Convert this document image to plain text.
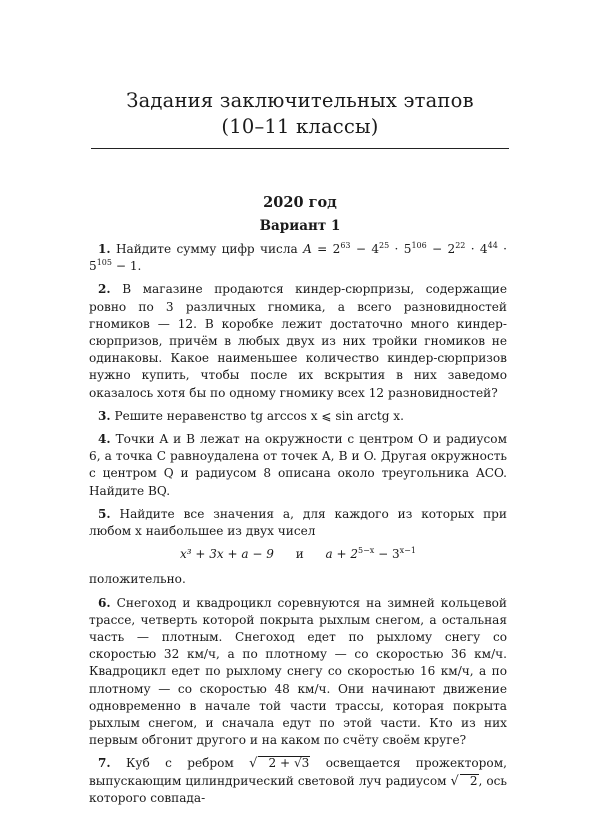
Задания заключительных этапов
(10–11 классы)
2020 год
Вариант 1

1. Найдите сумму цифр числа $A = 2^{63} - 4^{25} \cdot 5^{106} - 2^{22} \cdot 4^{44} \cdot 5^{105} - 1$.

2. В магазине продаются киндер-сюрпризы, содержащие ровно по 3 различных гномика, а всего разновидностей гномиков — 12. В коробке лежит достаточно много киндер-сюрпризов, причём в любых двух из них тройки гномиков не одинаковы. Какое наименьшее количество киндер-сюрпризов нужно купить, чтобы после их вскрытия в них заведомо оказалось хотя бы по одному гномику всех 12 разновидностей?

3. Решите неравенство tg arccos x ⩽ sin arctg x.

4. Точки A и B лежат на окружности с центром O и радиусом 6, а точка C равноудалена от точек A, B и O. Другая окружность с центром Q и радиусом 8 описана около треугольника ACO. Найдите BQ.

5. Найдите все значения a, для каждого из которых при любом x наибольшее из двух чисел

x³ + 3x + a − 9 и $a + 2^{5-x} - 3^{x-1}$

положительно.

6. Снегоход и квадроцикл соревнуются на зимней кольцевой трассе, четверть которой покрыта рыхлым снегом, а остальная часть — плотным. Снегоход едет по рыхлому снегу со скоростью 32 км/ч, а по плотному — со скоростью 36 км/ч. Квадроцикл едет по рыхлому снегу со скоростью 16 км/ч, а по плотному — со скоростью 48 км/ч. Они начинают движение одновременно в начале той части трассы, которая покрыта рыхлым снегом, и сначала едут по этой части. Кто из них первым обгонит другого и на каком по счёту своём круге?

7. Куб с ребром √ 2 + √3 освещается прожектором, выпускающим цилиндрический световой луч радиусом √ 2, ось которого совпада-
